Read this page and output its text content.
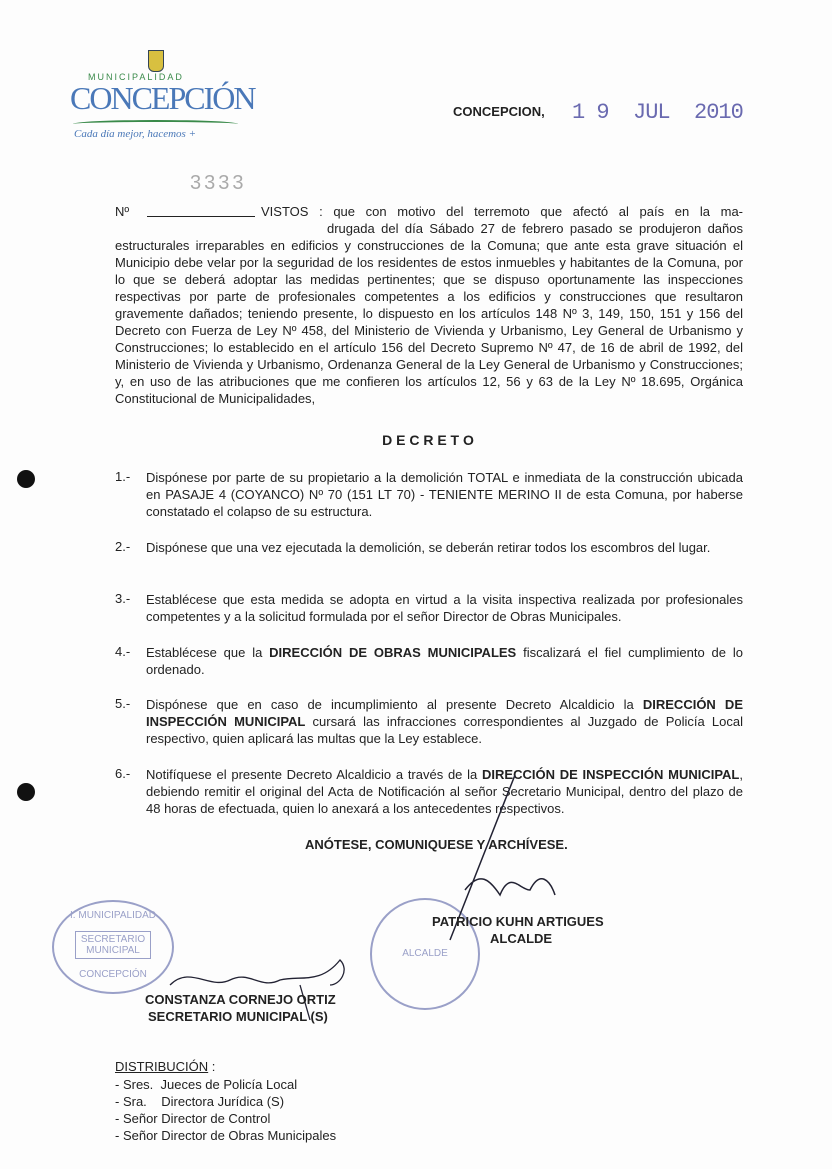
MUNICIPALIDAD
CONCEPCIÓN
Cada día mejor, hacemos +
CONCEPCION, 1 9  JUL  2010
3333
Nº	VISTOS : que con motivo del terremoto que afectó al país en la ma-
drugada del día Sábado 27 de febrero pasado se produjeron daños
estructurales irreparables en edificios y construcciones de la Comuna; que ante esta grave situación el Municipio debe velar por la seguridad de los residentes de estos inmuebles y habitantes de la Comuna, por lo que se deberá adoptar las medidas pertinentes; que se dispuso oportunamente las inspecciones respectivas por parte de profesionales competentes a los edificios y construcciones que resultaron gravemente dañados; teniendo presente, lo dispuesto en los artículos 148 Nº 3, 149, 150, 151 y 156 del Decreto con Fuerza de Ley Nº 458, del Ministerio de Vivienda y Urbanismo, Ley General de Urbanismo y Construcciones; lo establecido en el artículo 156 del Decreto Supremo Nº 47, de 16 de abril de 1992, del Ministerio de Vivienda y Urbanismo, Ordenanza General de la Ley General de Urbanismo y Construcciones; y, en uso de las atribuciones que me confieren los artículos 12, 56 y 63 de la Ley Nº 18.695, Orgánica Constitucional de Municipalidades,
D E C R E T O
1.- Dispónese por parte de su propietario a la demolición TOTAL e inmediata de la construcción ubicada en PASAJE 4 (COYANCO) Nº 70 (151 LT 70) - TENIENTE MERINO II de esta Comuna, por haberse constatado el colapso de su estructura.
2.- Dispónese que una vez ejecutada la demolición, se deberán retirar todos los escombros del lugar.
3.- Establécese que esta medida se adopta en virtud a la visita inspectiva realizada por profesionales competentes y a la solicitud formulada por el señor Director de Obras Municipales.
4.- Establécese que la DIRECCIÓN DE OBRAS MUNICIPALES fiscalizará el fiel cumplimiento de lo ordenado.
5.- Dispónese que en caso de incumplimiento al presente Decreto Alcaldicio la DIRECCIÓN DE INSPECCIÓN MUNICIPAL cursará las infracciones correspondientes al Juzgado de Policía Local respectivo, quien aplicará las multas que la Ley establece.
6.- Notifíquese el presente Decreto Alcaldicio a través de la DIRECCIÓN DE INSPECCIÓN MUNICIPAL, debiendo remitir el original del Acta de Notificación al señor Secretario Municipal, dentro del plazo de 48 horas de efectuada, quien lo anexará a los antecedentes respectivos.
ANÓTESE, COMUNIQUESE Y ARCHÍVESE.
I. MUNICIPALIDAD
SECRETARIO MUNICIPAL
CONCEPCIÓN
ALCALDE
PATRICIO KUHN ARTIGUES
ALCALDE
CONSTANZA CORNEJO ORTIZ
SECRETARIO MUNICIPAL (S)
DISTRIBUCIÓN :
- Sres.  Jueces de Policía Local
- Sra.    Directora Jurídica (S)
- Señor Director de Control
- Señor Director de Obras Municipales
